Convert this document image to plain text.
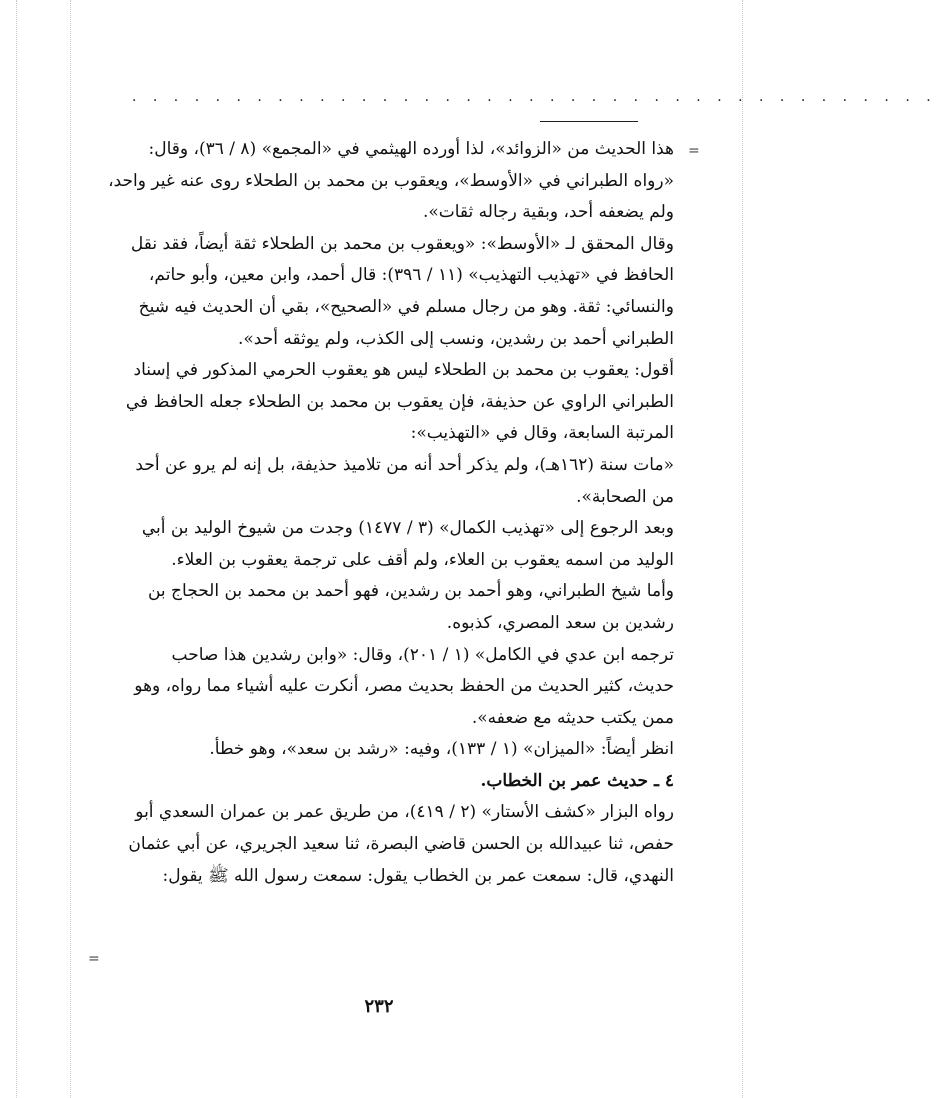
· · · · · · · · · · · · · · · · · · · · · · · · · · · · · · · · · · · · · · ·
=
=
هذا الحديث من «الزوائد»، لذا أورده الهيثمي في «المجمع» (٨ / ٣٦)، وقال:
«رواه الطبراني في «الأوسط»، ويعقوب بن محمد بن الطحلاء روى عنه غير واحد،
ولم يضعفه أحد، وبقية رجاله ثقات».
وقال المحقق لـ «الأوسط»: «ويعقوب بن محمد بن الطحلاء ثقة أيضاً، فقد نقل
الحافظ في «تهذيب التهذيب» (١١ / ٣٩٦): قال أحمد، وابن معين، وأبو حاتم،
والنسائي: ثقة. وهو من رجال مسلم في «الصحيح»، بقي أن الحديث فيه شيخ
الطبراني أحمد بن رشدين، ونسب إلى الكذب، ولم يوثقه أحد».
أقول: يعقوب بن محمد بن الطحلاء ليس هو يعقوب الحرمي المذكور في إسناد
الطبراني الراوي عن حذيفة، فإن يعقوب بن محمد بن الطحلاء جعله الحافظ في
المرتبة السابعة، وقال في «التهذيب»:
«مات سنة (١٦٢هـ)، ولم يذكر أحد أنه من تلاميذ حذيفة، بل إنه لم يرو عن أحد
من الصحابة».
وبعد الرجوع إلى «تهذيب الكمال» (٣ / ١٤٧٧) وجدت من شيوخ الوليد بن أبي
الوليد من اسمه يعقوب بن العلاء، ولم أقف على ترجمة يعقوب بن العلاء.
وأما شيخ الطبراني، وهو أحمد بن رشدين، فهو أحمد بن محمد بن الحجاج بن
رشدين بن سعد المصري، كذبوه.
ترجمه ابن عدي في الكامل» (١ / ٢٠١)، وقال: «وابن رشدين هذا صاحب
حديث، كثير الحديث من الحفظ بحديث مصر، أنكرت عليه أشياء مما رواه، وهو
ممن يكتب حديثه مع ضعفه».
انظر أيضاً: «الميزان» (١ / ١٣٣)، وفيه: «رشد بن سعد»، وهو خطأ.
٤ ـ حديث عمر بن الخطاب.
رواه البزار «كشف الأستار» (٢ / ٤١٩)، من طريق عمر بن عمران السعدي أبو
حفص، ثنا عبيدالله بن الحسن قاضي البصرة، ثنا سعيد الجريري، عن أبي عثمان
النهدي، قال: سمعت عمر بن الخطاب يقول: سمعت رسول الله ﷺ يقول:
٢٣٢
